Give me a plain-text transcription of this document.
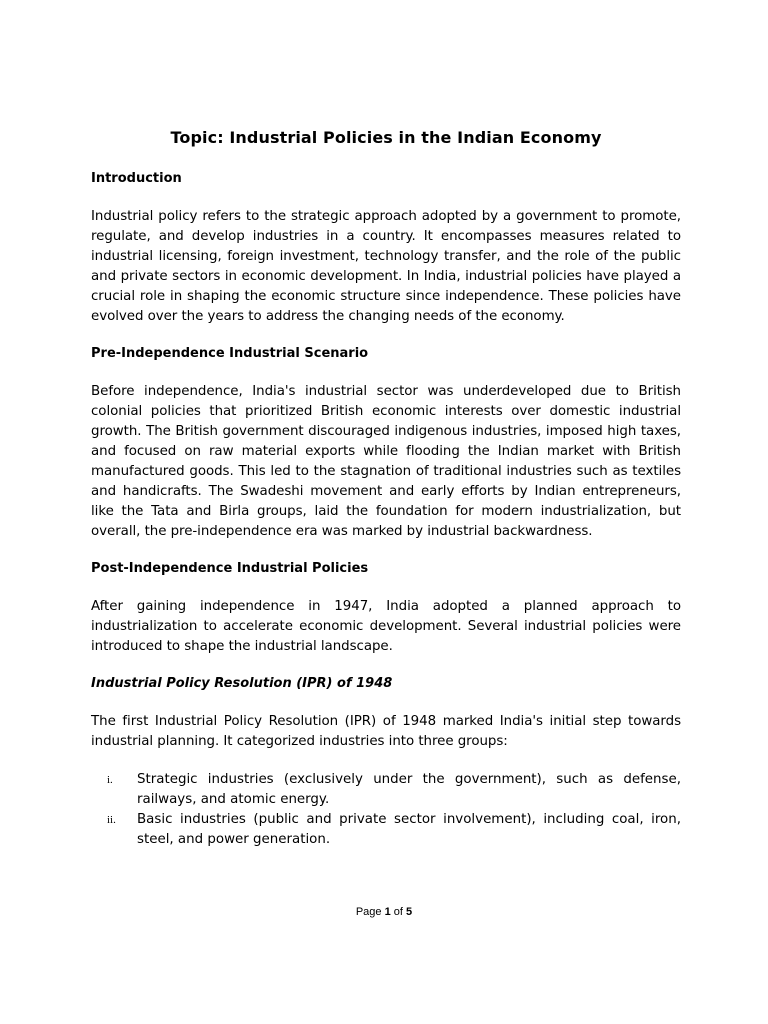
Topic: Industrial Policies in the Indian Economy
Introduction
Industrial policy refers to the strategic approach adopted by a government to promote, regulate, and develop industries in a country. It encompasses measures related to industrial licensing, foreign investment, technology transfer, and the role of the public and private sectors in economic development. In India, industrial policies have played a crucial role in shaping the economic structure since independence. These policies have evolved over the years to address the changing needs of the economy.
Pre-Independence Industrial Scenario
Before independence, India's industrial sector was underdeveloped due to British colonial policies that prioritized British economic interests over domestic industrial growth. The British government discouraged indigenous industries, imposed high taxes, and focused on raw material exports while flooding the Indian market with British manufactured goods. This led to the stagnation of traditional industries such as textiles and handicrafts. The Swadeshi movement and early efforts by Indian entrepreneurs, like the Tata and Birla groups, laid the foundation for modern industrialization, but overall, the pre-independence era was marked by industrial backwardness.
Post-Independence Industrial Policies
After gaining independence in 1947, India adopted a planned approach to industrialization to accelerate economic development. Several industrial policies were introduced to shape the industrial landscape.
Industrial Policy Resolution (IPR) of 1948
The first Industrial Policy Resolution (IPR) of 1948 marked India's initial step towards industrial planning. It categorized industries into three groups:
i. Strategic industries (exclusively under the government), such as defense, railways, and atomic energy.
ii. Basic industries (public and private sector involvement), including coal, iron, steel, and power generation.
Page 1 of 5
